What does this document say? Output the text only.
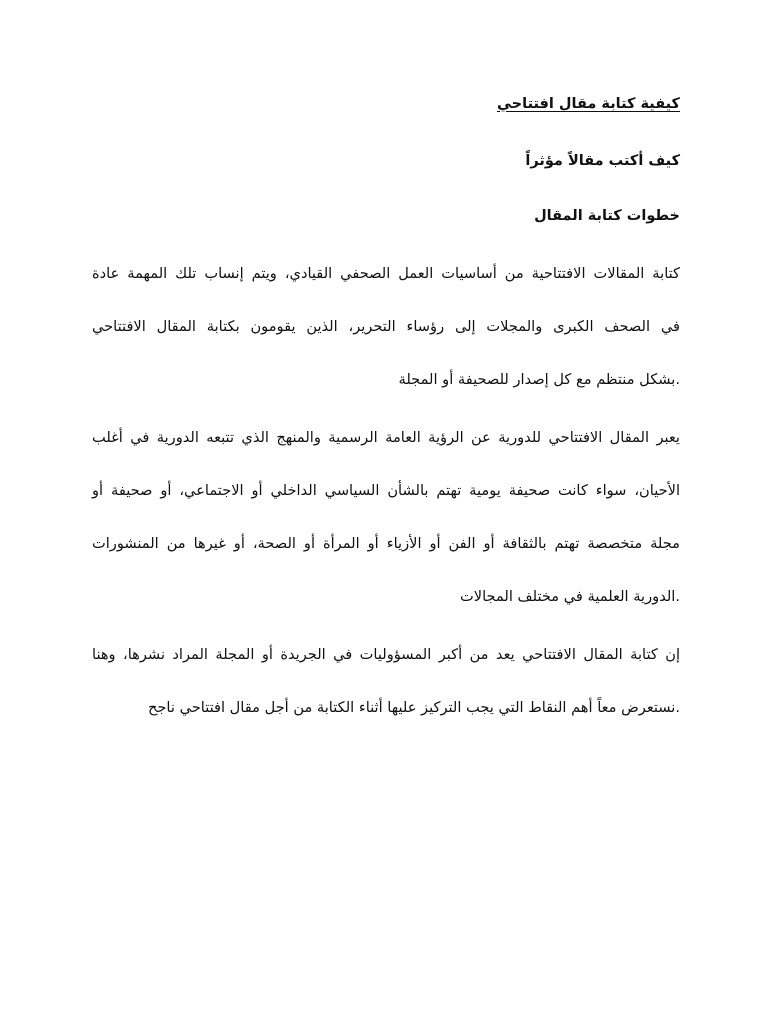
كيفية كتابة مقال افتتاحي
كيف أكتب مقالاً مؤثراً
خطوات كتابة المقال
كتابة المقالات الافتتاحية من أساسيات العمل الصحفي القيادي، ويتم إنساب تلك المهمة عادة
في الصحف الكبرى والمجلات إلى رؤساء التحرير، الذين يقومون بكتابة المقال الافتتاحي
.بشكل منتظم مع كل إصدار للصحيفة أو المجلة
يعبر المقال الافتتاحي للدورية عن الرؤية العامة الرسمية والمنهج الذي تتبعه الدورية في أغلب
الأحيان، سواء كانت صحيفة يومية تهتم بالشأن السياسي الداخلي أو الاجتماعي، أو صحيفة أو
مجلة متخصصة تهتم بالثقافة أو الفن أو الأزياء أو المرأة أو الصحة، أو غيرها من المنشورات
.الدورية العلمية في مختلف المجالات
إن كتابة المقال الافتتاحي يعد من أكبر المسؤوليات في الجريدة أو المجلة المراد نشرها، وهنا
.نستعرض معاً أهم النقاط التي يجب التركيز عليها أثناء الكتابة من أجل مقال افتتاحي ناجح
